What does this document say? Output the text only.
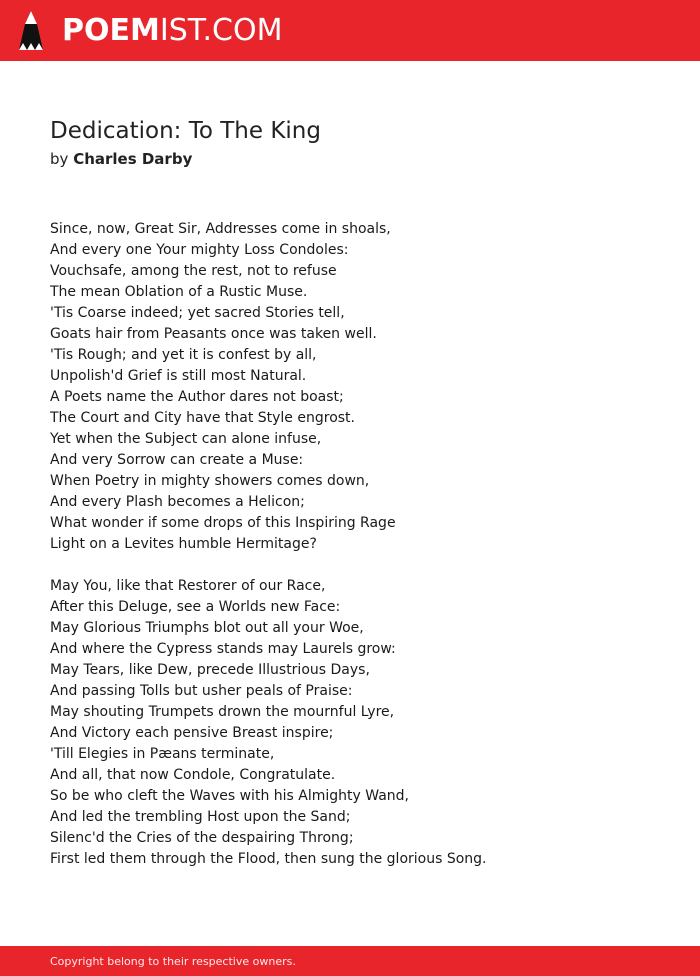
POEMIST.COM
Dedication: To The King
by Charles Darby
Since, now, Great Sir, Addresses come in shoals,
And every one Your mighty Loss Condoles:
Vouchsafe, among the rest, not to refuse
The mean Oblation of a Rustic Muse.
'Tis Coarse indeed; yet sacred Stories tell,
Goats hair from Peasants once was taken well.
'Tis Rough; and yet it is confest by all,
Unpolish'd Grief is still most Natural.
A Poets name the Author dares not boast;
The Court and City have that Style engrost.
Yet when the Subject can alone infuse,
And very Sorrow can create a Muse:
When Poetry in mighty showers comes down,
And every Plash becomes a Helicon;
What wonder if some drops of this Inspiring Rage
Light on a Levites humble Hermitage?
May You, like that Restorer of our Race,
After this Deluge, see a Worlds new Face:
May Glorious Triumphs blot out all your Woe,
And where the Cypress stands may Laurels grow:
May Tears, like Dew, precede Illustrious Days,
And passing Tolls but usher peals of Praise:
May shouting Trumpets drown the mournful Lyre,
And Victory each pensive Breast inspire;
'Till Elegies in Pæans terminate,
And all, that now Condole, Congratulate.
So be who cleft the Waves with his Almighty Wand,
And led the trembling Host upon the Sand;
Silenc'd the Cries of the despairing Throng;
First led them through the Flood, then sung the glorious Song.
Copyright belong to their respective owners.
